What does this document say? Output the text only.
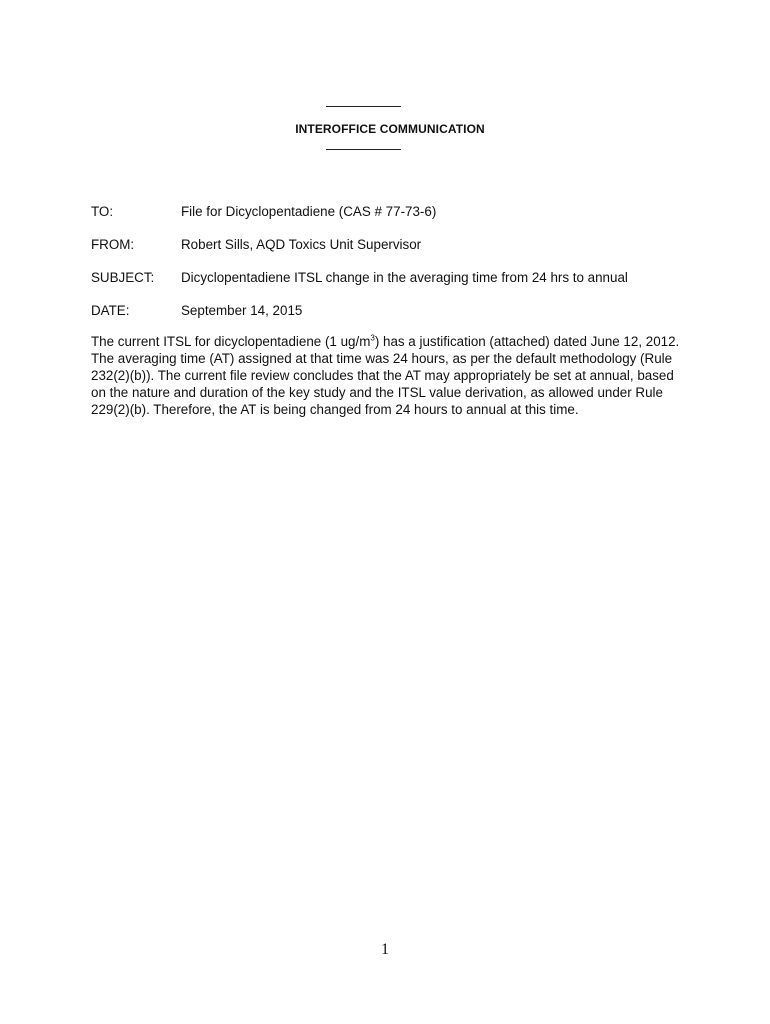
INTEROFFICE COMMUNICATION
TO:	File for Dicyclopentadiene (CAS # 77-73-6)
FROM:	Robert Sills, AQD Toxics Unit Supervisor
SUBJECT: Dicyclopentadiene ITSL change in the averaging time from 24 hrs to annual
DATE:	September 14, 2015

The current ITSL for dicyclopentadiene (1 $ug/m^3$) has a justification (attached) dated June 12, 2012. The averaging time (AT) assigned at that time was 24 hours, as per the default methodology (Rule 232(2)(b)). The current file review concludes that the AT may appropriately be set at annual, based on the nature and duration of the key study and the ITSL value derivation, as allowed under Rule 229(2)(b). Therefore, the AT is being changed from 24 hours to annual at this time.

1
